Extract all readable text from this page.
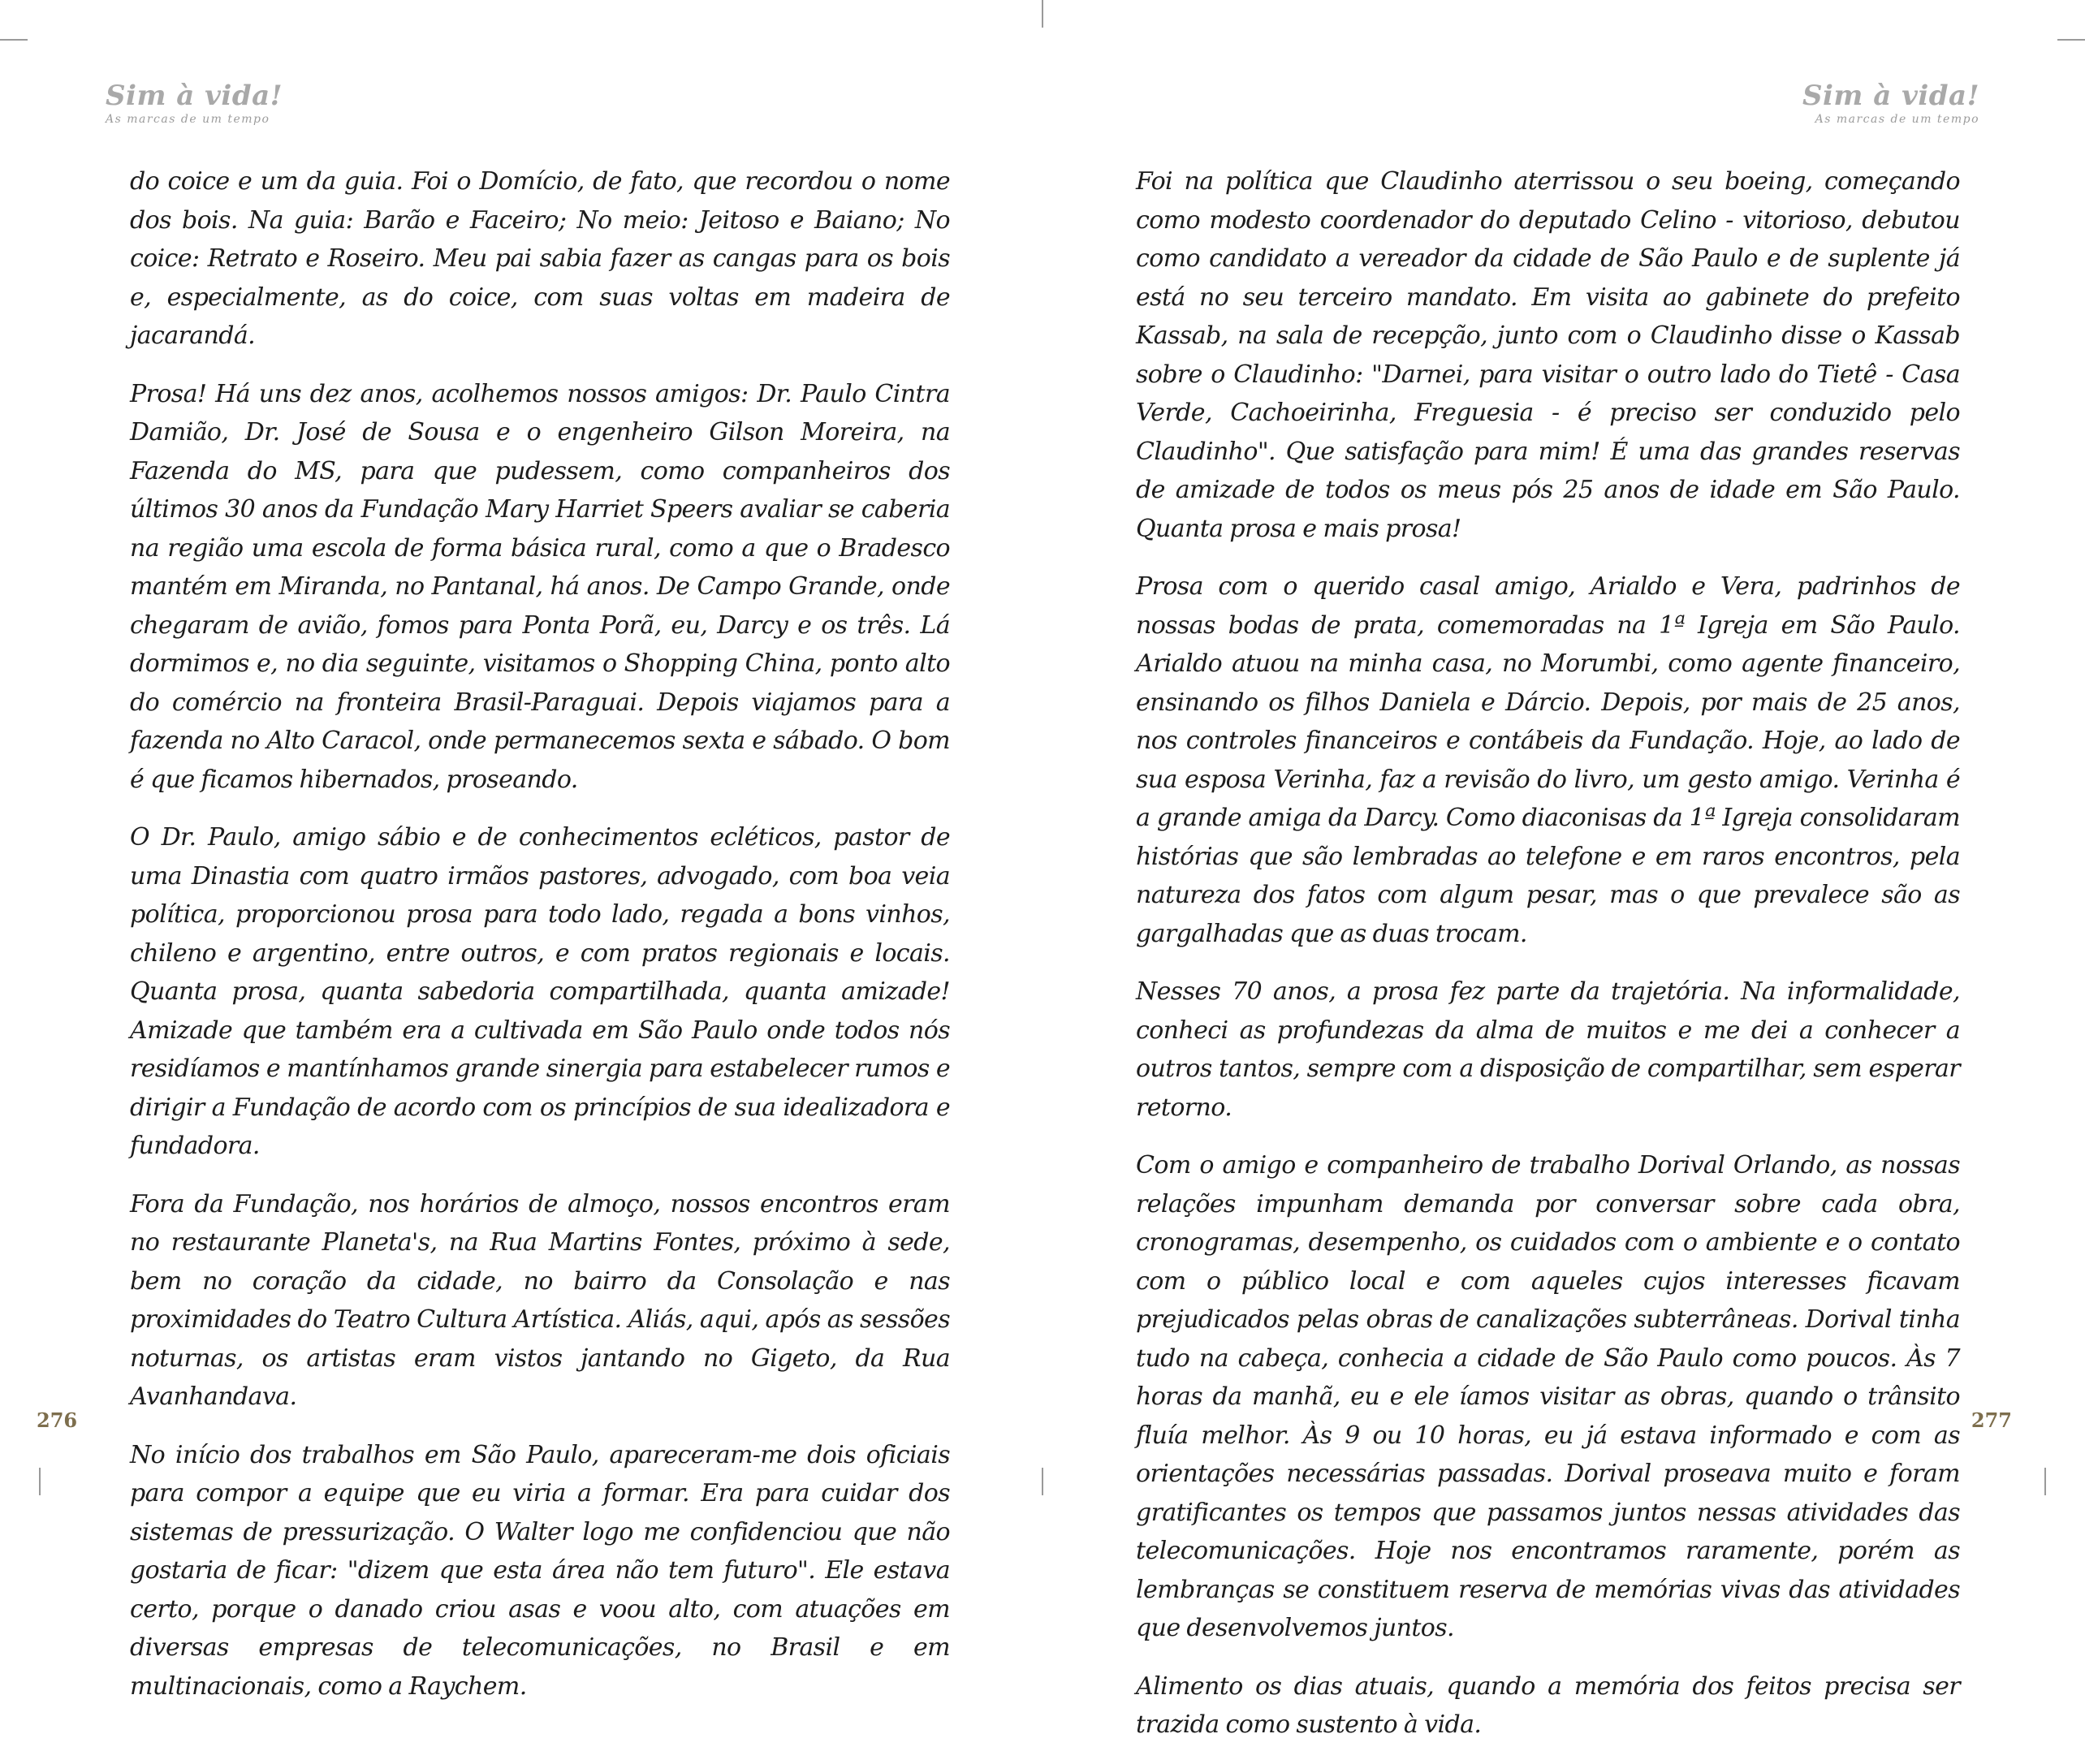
Sim à vida!
As marcas de um tempo

do coice e um da guia. Foi o Domício, de fato, que recordou o nome dos bois. Na guia: Barão e Faceiro; No meio: Jeitoso e Baiano; No coice: Retrato e Roseiro. Meu pai sabia fazer as cangas para os bois e, especialmente, as do coice, com suas voltas em madeira de jacarandá.

Prosa! Há uns dez anos, acolhemos nossos amigos: Dr. Paulo Cintra Damião, Dr. José de Sousa e o engenheiro Gilson Moreira, na Fazenda do MS, para que pudessem, como companheiros dos últimos 30 anos da Fundação Mary Harriet Speers avaliar se caberia na região uma escola de forma básica rural, como a que o Bradesco mantém em Miranda, no Pantanal, há anos. De Campo Grande, onde chegaram de avião, fomos para Ponta Porã, eu, Darcy e os três. Lá dormimos e, no dia seguinte, visitamos o Shopping China, ponto alto do comércio na fronteira Brasil-Paraguai. Depois viajamos para a fazenda no Alto Caracol, onde permanecemos sexta e sábado. O bom é que ficamos hibernados, proseando.

O Dr. Paulo, amigo sábio e de conhecimentos ecléticos, pastor de uma Dinastia com quatro irmãos pastores, advogado, com boa veia política, proporcionou prosa para todo lado, regada a bons vinhos, chileno e argentino, entre outros, e com pratos regionais e locais. Quanta prosa, quanta sabedoria compartilhada, quanta amizade! Amizade que também era a cultivada em São Paulo onde todos nós residíamos e mantínhamos grande sinergia para estabelecer rumos e dirigir a Fundação de acordo com os princípios de sua idealizadora e fundadora.

Fora da Fundação, nos horários de almoço, nossos encontros eram no restaurante Planeta's, na Rua Martins Fontes, próximo à sede, bem no coração da cidade, no bairro da Consolação e nas proximidades do Teatro Cultura Artística. Aliás, aqui, após as sessões noturnas, os artistas eram vistos jantando no Gigeto, da Rua Avanhandava.

No início dos trabalhos em São Paulo, apareceram-me dois oficiais para compor a equipe que eu viria a formar. Era para cuidar dos sistemas de pressurização. O Walter logo me confidenciou que não gostaria de ficar: "dizem que esta área não tem futuro". Ele estava certo, porque o danado criou asas e voou alto, com atuações em diversas empresas de telecomunicações, no Brasil e em multinacionais, como a Raychem.

276
Sim à vida!
As marcas de um tempo

Foi na política que Claudinho aterrissou o seu boeing, começando como modesto coordenador do deputado Celino - vitorioso, debutou como candidato a vereador da cidade de São Paulo e de suplente já está no seu terceiro mandato. Em visita ao gabinete do prefeito Kassab, na sala de recepção, junto com o Claudinho disse o Kassab sobre o Claudinho: "Darnei, para visitar o outro lado do Tietê - Casa Verde, Cachoeirinha, Freguesia - é preciso ser conduzido pelo Claudinho". Que satisfação para mim! É uma das grandes reservas de amizade de todos os meus pós 25 anos de idade em São Paulo. Quanta prosa e mais prosa!

Prosa com o querido casal amigo, Arialdo e Vera, padrinhos de nossas bodas de prata, comemoradas na 1ª Igreja em São Paulo. Arialdo atuou na minha casa, no Morumbi, como agente financeiro, ensinando os filhos Daniela e Dárcio. Depois, por mais de 25 anos, nos controles financeiros e contábeis da Fundação. Hoje, ao lado de sua esposa Verinha, faz a revisão do livro, um gesto amigo. Verinha é a grande amiga da Darcy. Como diaconisas da 1ª Igreja consolidaram histórias que são lembradas ao telefone e em raros encontros, pela natureza dos fatos com algum pesar, mas o que prevalece são as gargalhadas que as duas trocam.

Nesses 70 anos, a prosa fez parte da trajetória. Na informalidade, conheci as profundezas da alma de muitos e me dei a conhecer a outros tantos, sempre com a disposição de compartilhar, sem esperar retorno.

Com o amigo e companheiro de trabalho Dorival Orlando, as nossas relações impunham demanda por conversar sobre cada obra, cronogramas, desempenho, os cuidados com o ambiente e o contato com o público local e com aqueles cujos interesses ficavam prejudicados pelas obras de canalizações subterrâneas. Dorival tinha tudo na cabeça, conhecia a cidade de São Paulo como poucos. Às 7 horas da manhã, eu e ele íamos visitar as obras, quando o trânsito fluía melhor. Às 9 ou 10 horas, eu já estava informado e com as orientações necessárias passadas. Dorival proseava muito e foram gratificantes os tempos que passamos juntos nessas atividades das telecomunicações. Hoje nos encontramos raramente, porém as lembranças se constituem reserva de memórias vivas das atividades que desenvolvemos juntos.

Alimento os dias atuais, quando a memória dos feitos precisa ser trazida como sustento à vida.

277
